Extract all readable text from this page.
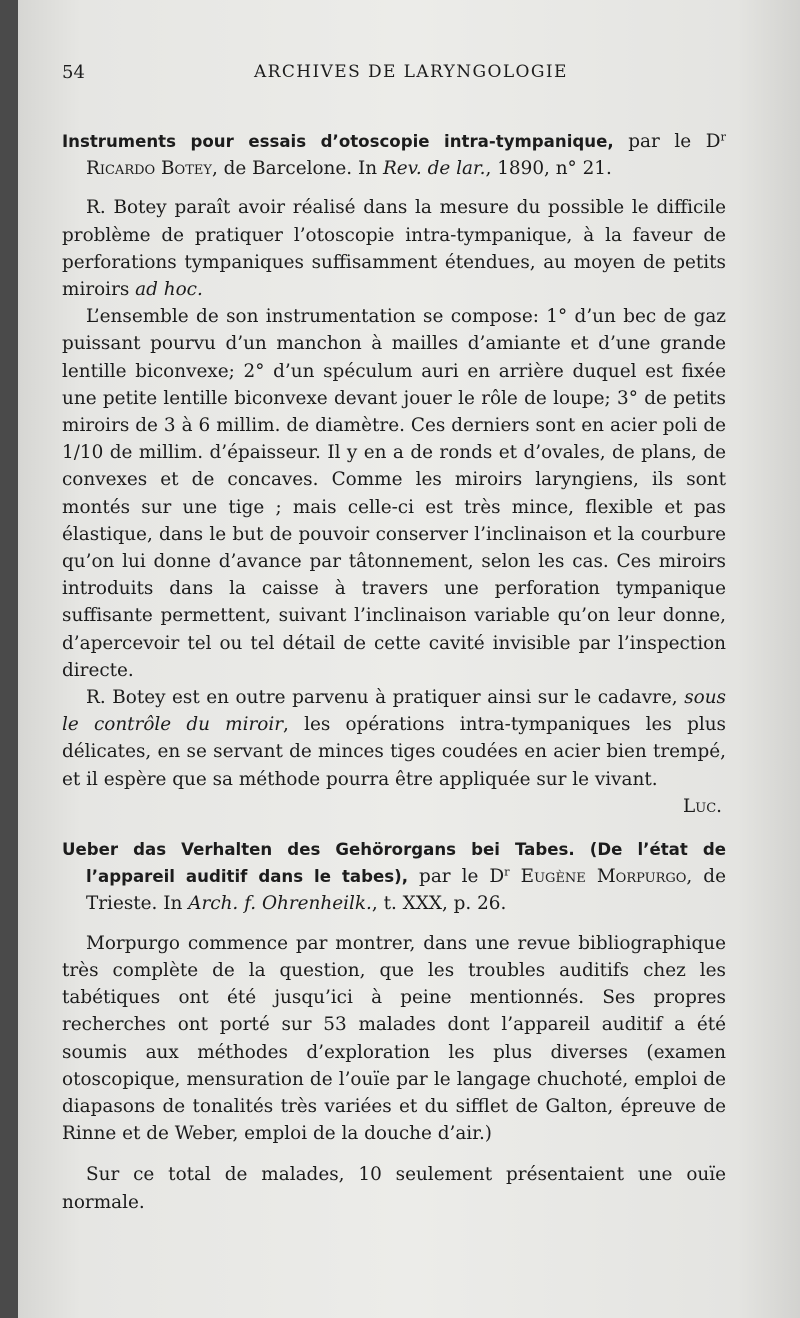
54	ARCHIVES DE LARYNGOLOGIE

Instruments pour essais d’otoscopie intra-tympanique, par le $D^r$ Ricardo Botey, de Barcelone. In Rev. de lar., 1890, n° 21.

R. Botey paraît avoir réalisé dans la mesure du possible le difficile problème de pratiquer l’otoscopie intra-tympanique, à la faveur de perforations tympaniques suffisamment étendues, au moyen de petits miroirs ad hoc.

L’ensemble de son instrumentation se compose: 1° d’un bec de gaz puissant pourvu d’un manchon à mailles d’amiante et d’une grande lentille biconvexe; 2° d’un spéculum auri en arrière duquel est fixée une petite lentille biconvexe devant jouer le rôle de loupe; 3° de petits miroirs de 3 à 6 millim. de diamètre. Ces derniers sont en acier poli de 1/10 de millim. d’épaisseur. Il y en a de ronds et d’ovales, de plans, de convexes et de concaves. Comme les miroirs laryngiens, ils sont montés sur une tige ; mais celle-ci est très mince, flexible et pas élastique, dans le but de pouvoir conserver l’inclinaison et la courbure qu’on lui donne d’avance par tâtonnement, selon les cas. Ces miroirs introduits dans la caisse à travers une perforation tympanique suffisante permettent, suivant l’inclinaison variable qu’on leur donne, d’apercevoir tel ou tel détail de cette cavité invisible par l’inspection directe.

R. Botey est en outre parvenu à pratiquer ainsi sur le cadavre, sous le contrôle du miroir, les opérations intra-tympaniques les plus délicates, en se servant de minces tiges coudées en acier bien trempé, et il espère que sa méthode pourra être appliquée sur le vivant.

Luc.

Ueber das Verhalten des Gehörorgans bei Tabes. (De l’état de l’appareil auditif dans le tabes), par le $D^r$ Eugène Morpurgo, de Trieste. In Arch. f. Ohrenheilk., t. XXX, p. 26.

Morpurgo commence par montrer, dans une revue bibliographique très complète de la question, que les troubles auditifs chez les tabétiques ont été jusqu’ici à peine mentionnés. Ses propres recherches ont porté sur 53 malades dont l’appareil auditif a été soumis aux méthodes d’exploration les plus diverses (examen otoscopique, mensuration de l’ouïe par le langage chuchoté, emploi de diapasons de tonalités très variées et du sifflet de Galton, épreuve de Rinne et de Weber, emploi de la douche d’air.)

Sur ce total de malades, 10 seulement présentaient une ouïe normale.
